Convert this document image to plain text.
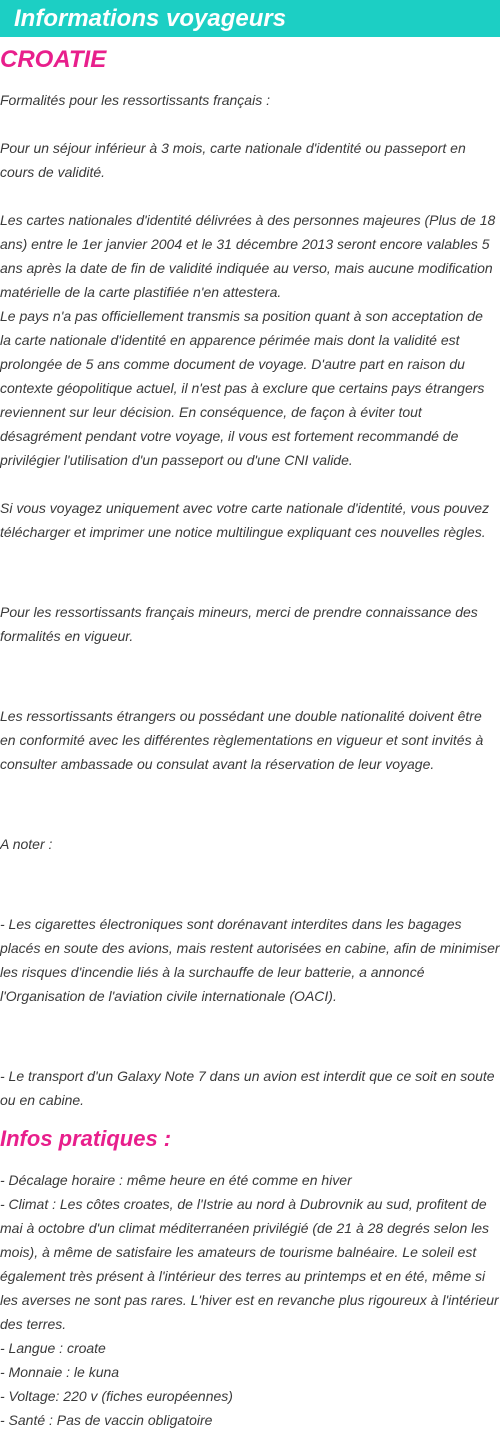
Informations voyageurs
CROATIE

Formalités pour les ressortissants français :

Pour un séjour inférieur à 3 mois, carte nationale d'identité ou passeport en
cours de validité.

Les cartes nationales d'identité délivrées à des personnes majeures (Plus de 18
ans) entre le 1er janvier 2004 et le 31 décembre 2013 seront encore valables 5
ans après la date de fin de validité indiquée au verso, mais aucune modification
matérielle de la carte plastifiée n'en attestera.
Le pays n'a pas officiellement transmis sa position quant à son acceptation de
la carte nationale d'identité en apparence périmée mais dont la validité est
prolongée de 5 ans comme document de voyage. D'autre part en raison du
contexte géopolitique actuel, il n'est pas à exclure que certains pays étrangers
reviennent sur leur décision. En conséquence, de façon à éviter tout
désagrément pendant votre voyage, il vous est fortement recommandé de
privilégier l'utilisation d'un passeport ou d'une CNI valide.

Si vous voyagez uniquement avec votre carte nationale d'identité, vous pouvez
télécharger et imprimer une notice multilingue expliquant ces nouvelles règles.

Pour les ressortissants français mineurs, merci de prendre connaissance des
formalités en vigueur.

Les ressortissants étrangers ou possédant une double nationalité doivent être
en conformité avec les différentes règlementations en vigueur et sont invités à
consulter ambassade ou consulat avant la réservation de leur voyage.

A noter :

- Les cigarettes électroniques sont dorénavant interdites dans les bagages
placés en soute des avions, mais restent autorisées en cabine, afin de minimiser
les risques d'incendie liés à la surchauffe de leur batterie, a annoncé
l'Organisation de l'aviation civile internationale (OACI).

- Le transport d'un Galaxy Note 7 dans un avion est interdit que ce soit en soute
ou en cabine.

Infos pratiques :

- Décalage horaire : même heure en été comme en hiver
- Climat : Les côtes croates, de l'Istrie au nord à Dubrovnik au sud, profitent de
mai à octobre d'un climat méditerranéen privilégié (de 21 à 28 degrés selon les
mois), à même de satisfaire les amateurs de tourisme balnéaire. Le soleil est
également très présent à l'intérieur des terres au printemps et en été, même si
les averses ne sont pas rares. L'hiver est en revanche plus rigoureux à l'intérieur
des terres.
- Langue : croate
- Monnaie : le kuna
- Voltage: 220 v (fiches européennes)
- Santé : Pas de vaccin obligatoire
